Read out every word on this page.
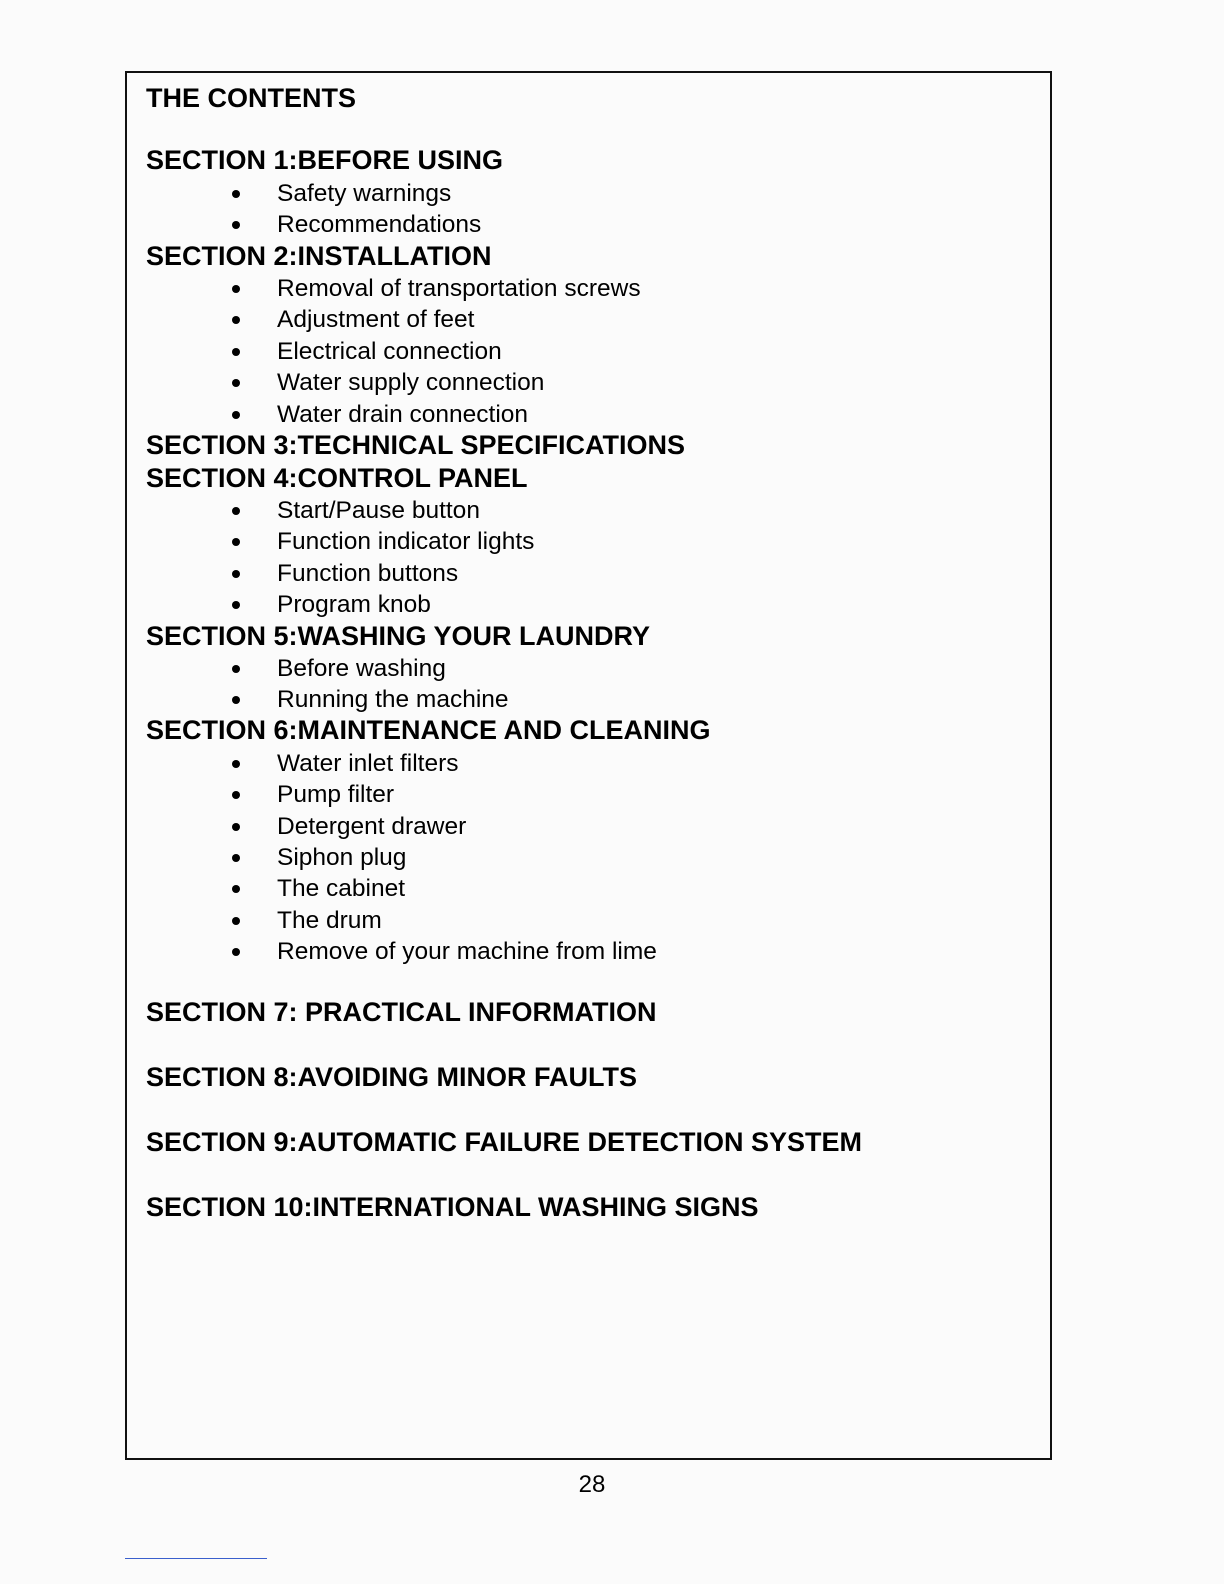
THE CONTENTS
SECTION 1:BEFORE USING
Safety warnings
Recommendations
SECTION 2:INSTALLATION
Removal of transportation screws
Adjustment of feet
Electrical connection
Water supply connection
Water drain connection
SECTION 3:TECHNICAL SPECIFICATIONS
SECTION 4:CONTROL PANEL
Start/Pause button
Function indicator lights
Function buttons
Program knob
SECTION 5:WASHING YOUR LAUNDRY
Before washing
Running the machine
SECTION 6:MAINTENANCE AND CLEANING
Water inlet filters
Pump filter
Detergent drawer
Siphon plug
The cabinet
The drum
Remove of your machine from lime
SECTION 7: PRACTICAL INFORMATION
SECTION 8:AVOIDING MINOR FAULTS
SECTION 9:AUTOMATIC FAILURE DETECTION SYSTEM
SECTION 10:INTERNATIONAL WASHING SIGNS
28
